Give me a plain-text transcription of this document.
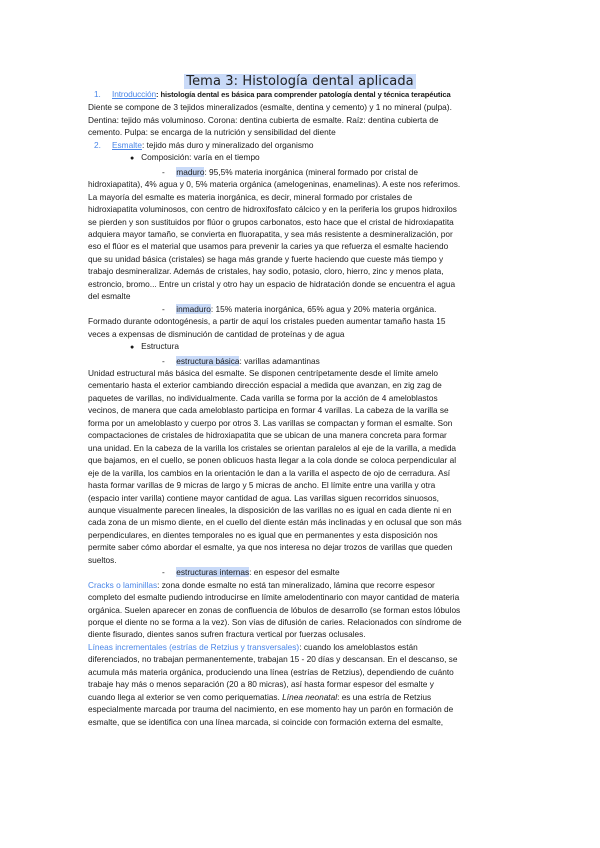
Tema 3: Histología dental aplicada

1. Introducción: histología dental es básica para comprender patología dental y técnica terapéutica

Diente se compone de 3 tejidos mineralizados (esmalte, dentina y cemento) y 1 no mineral (pulpa).

Dentina: tejido más voluminoso. Corona: dentina cubierta de esmalte. Raíz: dentina cubierta de

cemento. Pulpa: se encarga de la nutrición y sensibilidad del diente

2. Esmalte: tejido más duro y mineralizado del organismo

● Composición: varía en el tiempo

- maduro: 95,5% materia inorgánica (mineral formado por cristal de

hidroxiapatita), 4% agua y 0, 5% materia orgánica (amelogeninas, enamelinas). A este nos referimos.

La mayoría del esmalte es materia inorgánica, es decir, mineral formado por cristales de

hidroxiapatita voluminosos, con centro de hidroxifosfato cálcico y en la periferia los grupos hidroxilos

se pierden y son sustituidos por flúor o grupos carbonatos, esto hace que el cristal de hidroxiapatita

adquiera mayor tamaño, se convierta en fluorapatita, y sea más resistente a desmineralización, por

eso el flúor es el material que usamos para prevenir la caries ya que refuerza el esmalte haciendo

que su unidad básica (cristales) se haga más grande y fuerte haciendo que cueste más tiempo y

trabajo desmineralizar. Además de cristales, hay sodio, potasio, cloro, hierro, zinc y menos plata,

estroncio, bromo... Entre un cristal y otro hay un espacio de hidratación donde se encuentra el agua

del esmalte

- inmaduro: 15% materia inorgánica, 65% agua y 20% materia orgánica.

Formado durante odontogénesis, a partir de aquí los cristales pueden aumentar tamaño hasta 15

veces a expensas de disminución de cantidad de proteínas y de agua

● Estructura

- estructura básica: varillas adamantinas

Unidad estructural más básica del esmalte. Se disponen centrípetamente desde el límite amelo

cementario hasta el exterior cambiando dirección espacial a medida que avanzan, en zig zag de

paquetes de varillas, no individualmente. Cada varilla se forma por la acción de 4 ameloblastos

vecinos, de manera que cada ameloblasto participa en formar 4 varillas. La cabeza de la varilla se

forma por un ameloblasto y cuerpo por otros 3. Las varillas se compactan y forman el esmalte. Son

compactaciones de cristales de hidroxiapatita que se ubican de una manera concreta para formar

una unidad. En la cabeza de la varilla los cristales se orientan paralelos al eje de la varilla, a medida

que bajamos, en el cuello, se ponen oblicuos hasta llegar a la cola donde se coloca perpendicular al

eje de la varilla, los cambios en la orientación le dan a la varilla el aspecto de ojo de cerradura. Así

hasta formar varillas de 9 micras de largo y 5 micras de ancho. El límite entre una varilla y otra

(espacio inter varilla) contiene mayor cantidad de agua. Las varillas siguen recorridos sinuosos,

aunque visualmente parecen lineales, la disposición de las varillas no es igual en cada diente ni en

cada zona de un mismo diente, en el cuello del diente están más inclinadas y en oclusal que son más

perpendiculares, en dientes temporales no es igual que en permanentes y esta disposición nos

permite saber cómo abordar el esmalte, ya que nos interesa no dejar trozos de varillas que queden

sueltos.

- estructuras internas: en espesor del esmalte

Cracks o laminillas: zona donde esmalte no está tan mineralizado, lámina que recorre espesor

completo del esmalte pudiendo introducirse en límite amelodentinario con mayor cantidad de materia

orgánica. Suelen aparecer en zonas de confluencia de lóbulos de desarrollo (se forman estos lóbulos

porque el diente no se forma a la vez). Son vías de difusión de caries. Relacionados con síndrome de

diente fisurado, dientes sanos sufren fractura vertical por fuerzas oclusales.

Líneas incrementales (estrías de Retzius y transversales): cuando los ameloblastos están

diferenciados, no trabajan permanentemente, trabajan 15 - 20 días y descansan. En el descanso, se

acumula más materia orgánica, produciendo una línea (estrías de Retzius), dependiendo de cuánto

trabaje hay más o menos separación (20 a 80 micras), así hasta formar espesor del esmalte y

cuando llega al exterior se ven como periquematias. Línea neonatal: es una estría de Retzius

especialmente marcada por trauma del nacimiento, en ese momento hay un parón en formación de

esmalte, que se identifica con una línea marcada, si coincide con formación externa del esmalte,
